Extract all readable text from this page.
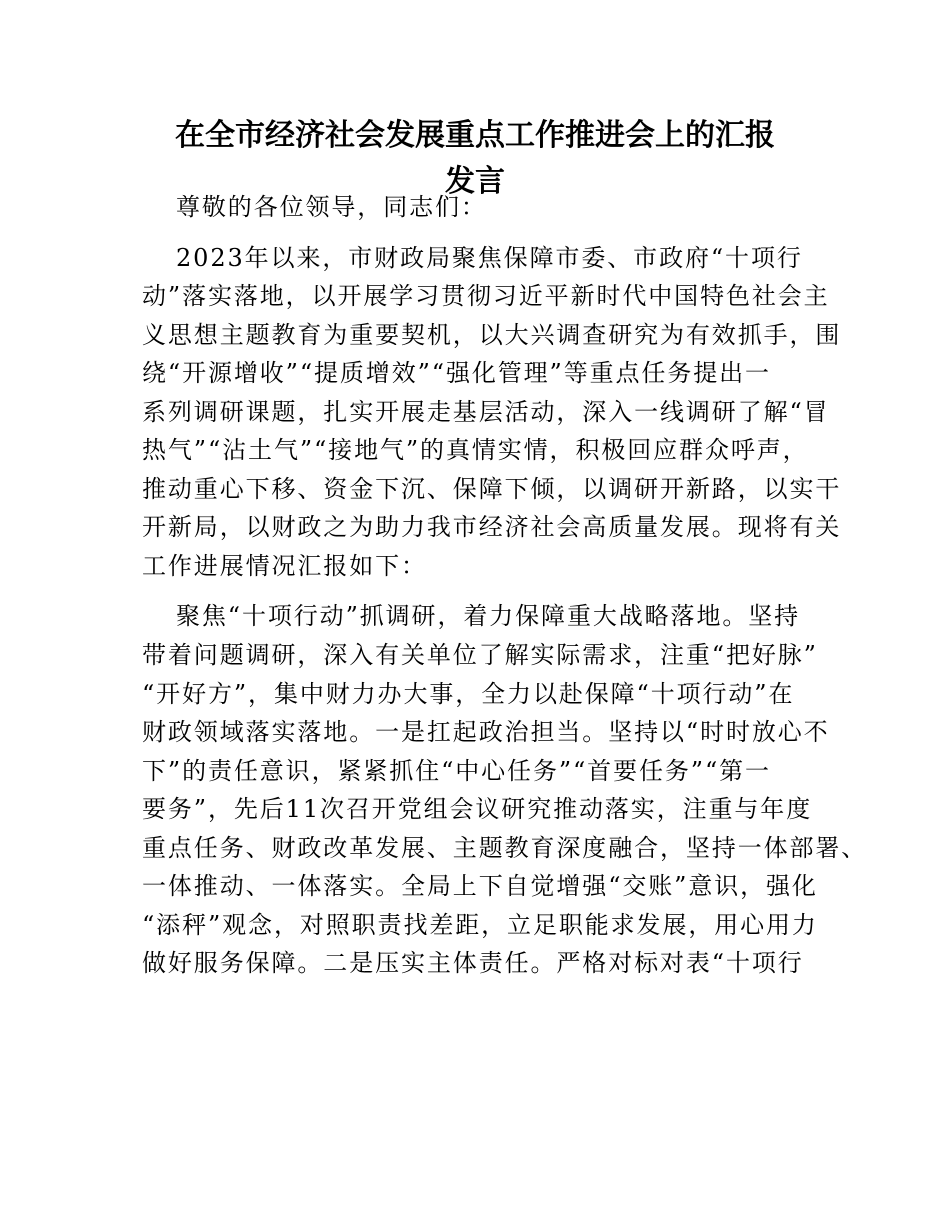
在全市经济社会发展重点工作推进会上的汇报
发言
尊敬的各位领导，同志们：
2023年以来，市财政局聚焦保障市委、市政府“十项行
动”落实落地，以开展学习贯彻习近平新时代中国特色社会主
义思想主题教育为重要契机，以大兴调查研究为有效抓手，围
绕“开源增收”“提质增效”“强化管理”等重点任务提出一
系列调研课题，扎实开展走基层活动，深入一线调研了解“冒
热气”“沾土气”“接地气”的真情实情，积极回应群众呼声，
推动重心下移、资金下沉、保障下倾，以调研开新路，以实干
开新局，以财政之为助力我市经济社会高质量发展。现将有关
工作进展情况汇报如下：
聚焦“十项行动”抓调研，着力保障重大战略落地。坚持
带着问题调研，深入有关单位了解实际需求，注重“把好脉”
“开好方”，集中财力办大事，全力以赴保障“十项行动”在
财政领域落实落地。一是扛起政治担当。坚持以“时时放心不
下”的责任意识，紧紧抓住“中心任务”“首要任务”“第一
要务”，先后11次召开党组会议研究推动落实，注重与年度
重点任务、财政改革发展、主题教育深度融合，坚持一体部署、
一体推动、一体落实。全局上下自觉增强“交账”意识，强化
“添秤”观念，对照职责找差距，立足职能求发展，用心用力
做好服务保障。二是压实主体责任。严格对标对表“十项行
